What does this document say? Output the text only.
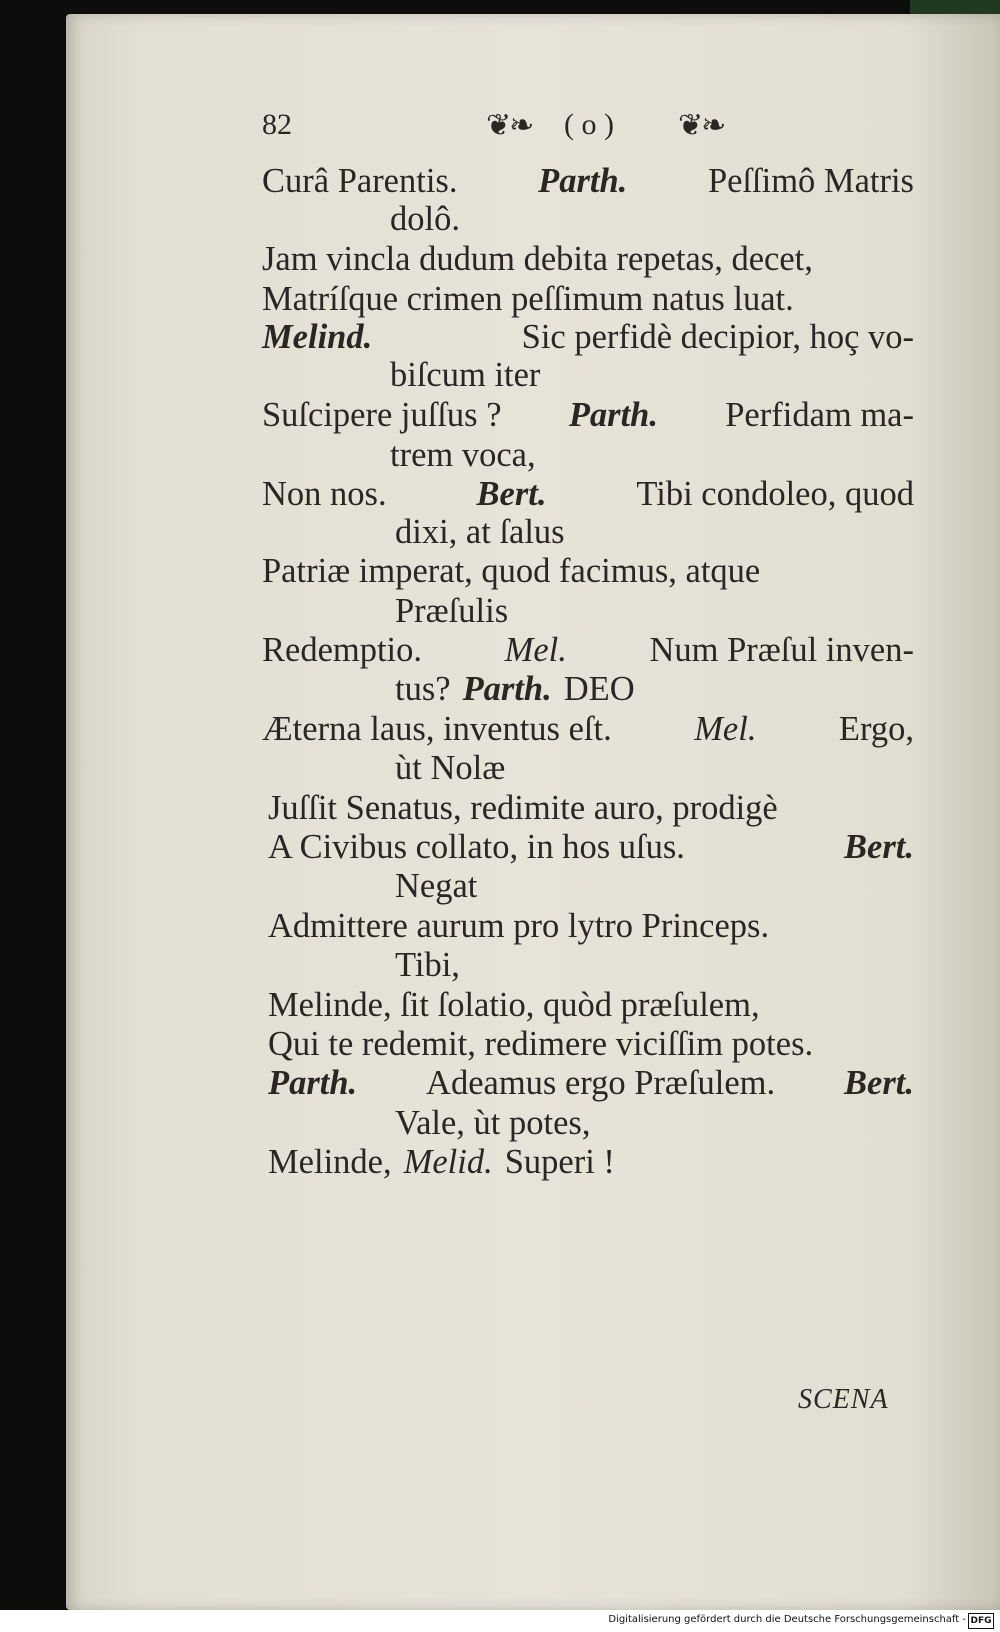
82	❦❧ ( o ) ❦❧
Curâ Parentis. Parth. Peſſimô Matris
dolô.
Jam vincla dudum debita repetas, decet,
Matríſque crimen peſſimum natus luat.
Melind.	Sic perfidè decipior, hoç vo-
biſcum iter
Suſcipere juſſus ? Parth. Perfidam ma-
trem voca,
Non nos.	Bert.	Tibi condoleo, quod
dixi, at ſalus
Patriæ imperat, quod facimus, atque
Præſulis
Redemptio. Mel. Num Præſul inven-
tus? Parth. DEO
Æterna laus, inventus eſt. Mel. Ergo,
ùt Nolæ
Juſſit Senatus, redimite auro, prodigè
A Civibus collato, in hos uſus.	Bert.
Negat
Admittere aurum pro lytro Princeps.
Tibi,
Melinde, ſit ſolatio, quòd præſulem,
Qui te redemit, redimere viciſſim potes.
Parth. Adeamus ergo Præſulem. Bert.
Vale, ùt potes,
Melinde, Melid. Superi !
SCENA
Digitalisierung gefördert durch die Deutsche Forschungsgemeinschaft - DFG
